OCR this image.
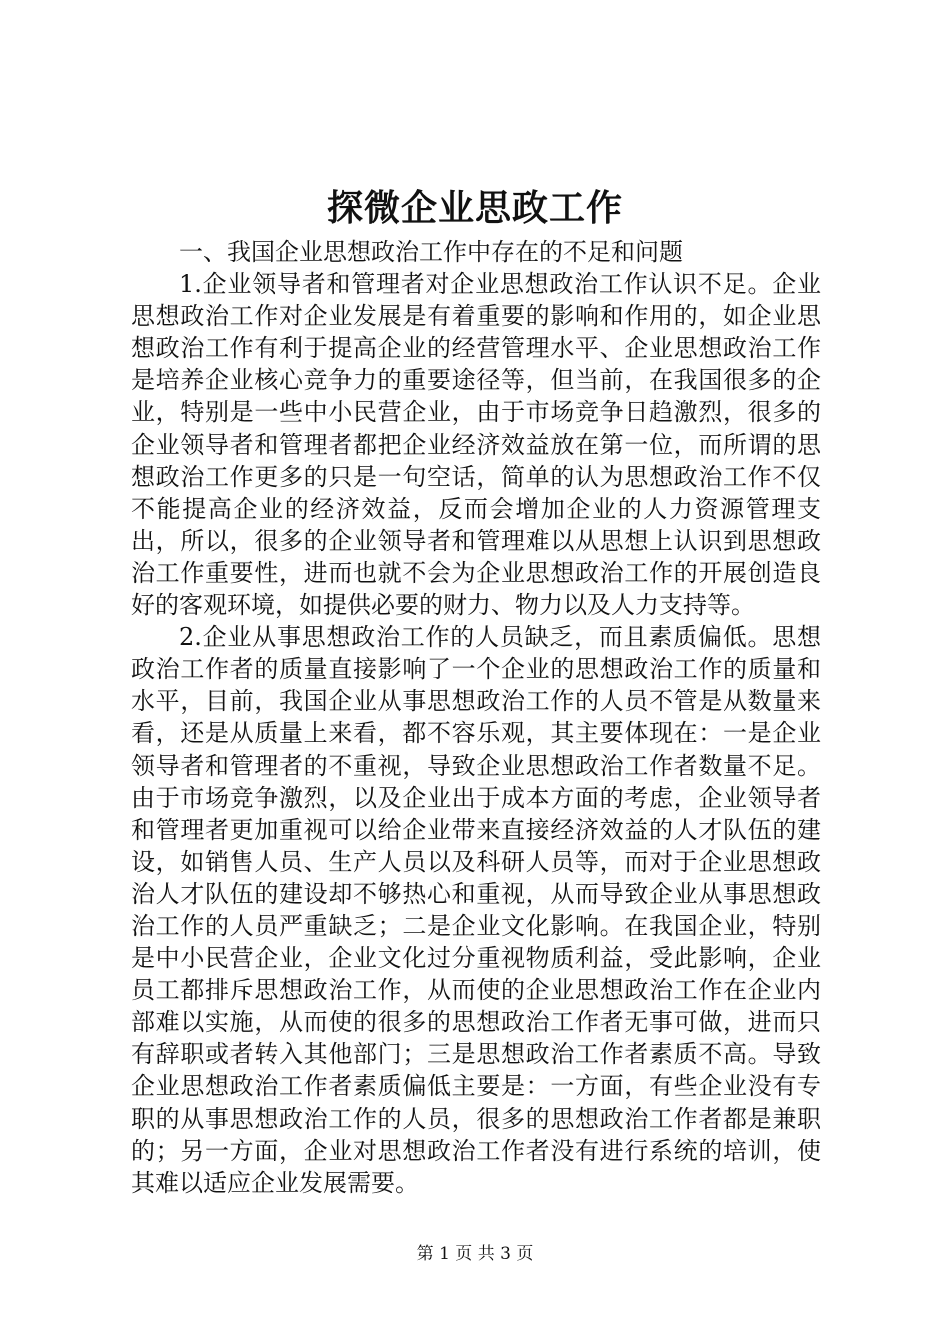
探微企业思政工作

一、我国企业思想政治工作中存在的不足和问题

1.企业领导者和管理者对企业思想政治工作认识不足。企业思想政治工作对企业发展是有着重要的影响和作用的，如企业思想政治工作有利于提高企业的经营管理水平、企业思想政治工作是培养企业核心竞争力的重要途径等，但当前，在我国很多的企业，特别是一些中小民营企业，由于市场竞争日趋激烈，很多的企业领导者和管理者都把企业经济效益放在第一位，而所谓的思想政治工作更多的只是一句空话，简单的认为思想政治工作不仅不能提高企业的经济效益，反而会增加企业的人力资源管理支出，所以，很多的企业领导者和管理难以从思想上认识到思想政治工作重要性，进而也就不会为企业思想政治工作的开展创造良好的客观环境，如提供必要的财力、物力以及人力支持等。

2.企业从事思想政治工作的人员缺乏，而且素质偏低。思想政治工作者的质量直接影响了一个企业的思想政治工作的质量和水平，目前，我国企业从事思想政治工作的人员不管是从数量来看，还是从质量上来看，都不容乐观，其主要体现在：一是企业领导者和管理者的不重视，导致企业思想政治工作者数量不足。由于市场竞争激烈，以及企业出于成本方面的考虑，企业领导者和管理者更加重视可以给企业带来直接经济效益的人才队伍的建设，如销售人员、生产人员以及科研人员等，而对于企业思想政治人才队伍的建设却不够热心和重视，从而导致企业从事思想政治工作的人员严重缺乏；二是企业文化影响。在我国企业，特别是中小民营企业，企业文化过分重视物质利益，受此影响，企业员工都排斥思想政治工作，从而使的企业思想政治工作在企业内部难以实施，从而使的很多的思想政治工作者无事可做，进而只有辞职或者转入其他部门；三是思想政治工作者素质不高。导致企业思想政治工作者素质偏低主要是：一方面，有些企业没有专职的从事思想政治工作的人员，很多的思想政治工作者都是兼职的；另一方面，企业对思想政治工作者没有进行系统的培训，使其难以适应企业发展需要。

第 1 页 共 3 页
